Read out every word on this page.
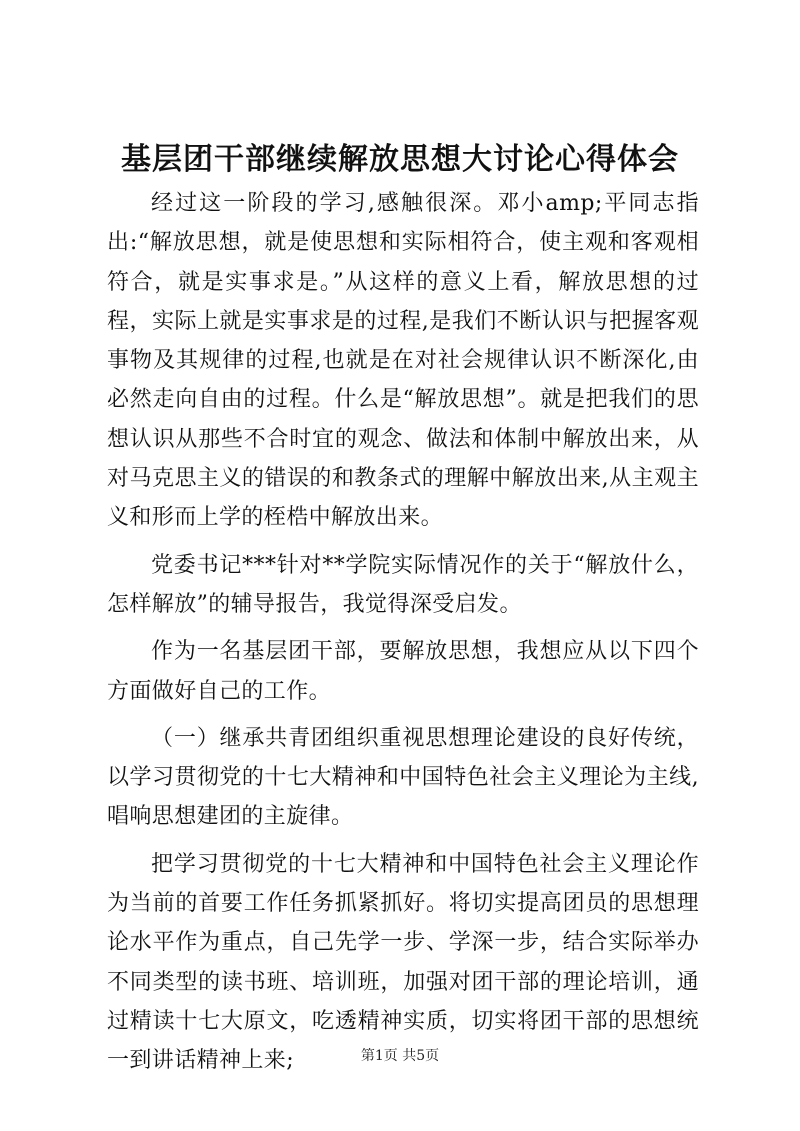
基层团干部继续解放思想大讨论心得体会

经过这一阶段的学习,感触很深。邓小amp;平同志指出:“解放思想，就是使思想和实际相符合，使主观和客观相符合，就是实事求是。”从这样的意义上看，解放思想的过程，实际上就是实事求是的过程,是我们不断认识与把握客观事物及其规律的过程,也就是在对社会规律认识不断深化,由必然走向自由的过程。什么是“解放思想”。就是把我们的思想认识从那些不合时宜的观念、做法和体制中解放出来，从对马克思主义的错误的和教条式的理解中解放出来,从主观主义和形而上学的桎梏中解放出来。

党委书记***针对**学院实际情况作的关于“解放什么，怎样解放”的辅导报告，我觉得深受启发。

作为一名基层团干部，要解放思想，我想应从以下四个方面做好自己的工作。

（一）继承共青团组织重视思想理论建设的良好传统，以学习贯彻党的十七大精神和中国特色社会主义理论为主线,唱响思想建团的主旋律。

把学习贯彻党的十七大精神和中国特色社会主义理论作为当前的首要工作任务抓紧抓好。将切实提高团员的思想理论水平作为重点，自己先学一步、学深一步，结合实际举办不同类型的读书班、培训班，加强对团干部的理论培训，通过精读十七大原文，吃透精神实质，切实将团干部的思想统一到讲话精神上来;	第1页 共5页
